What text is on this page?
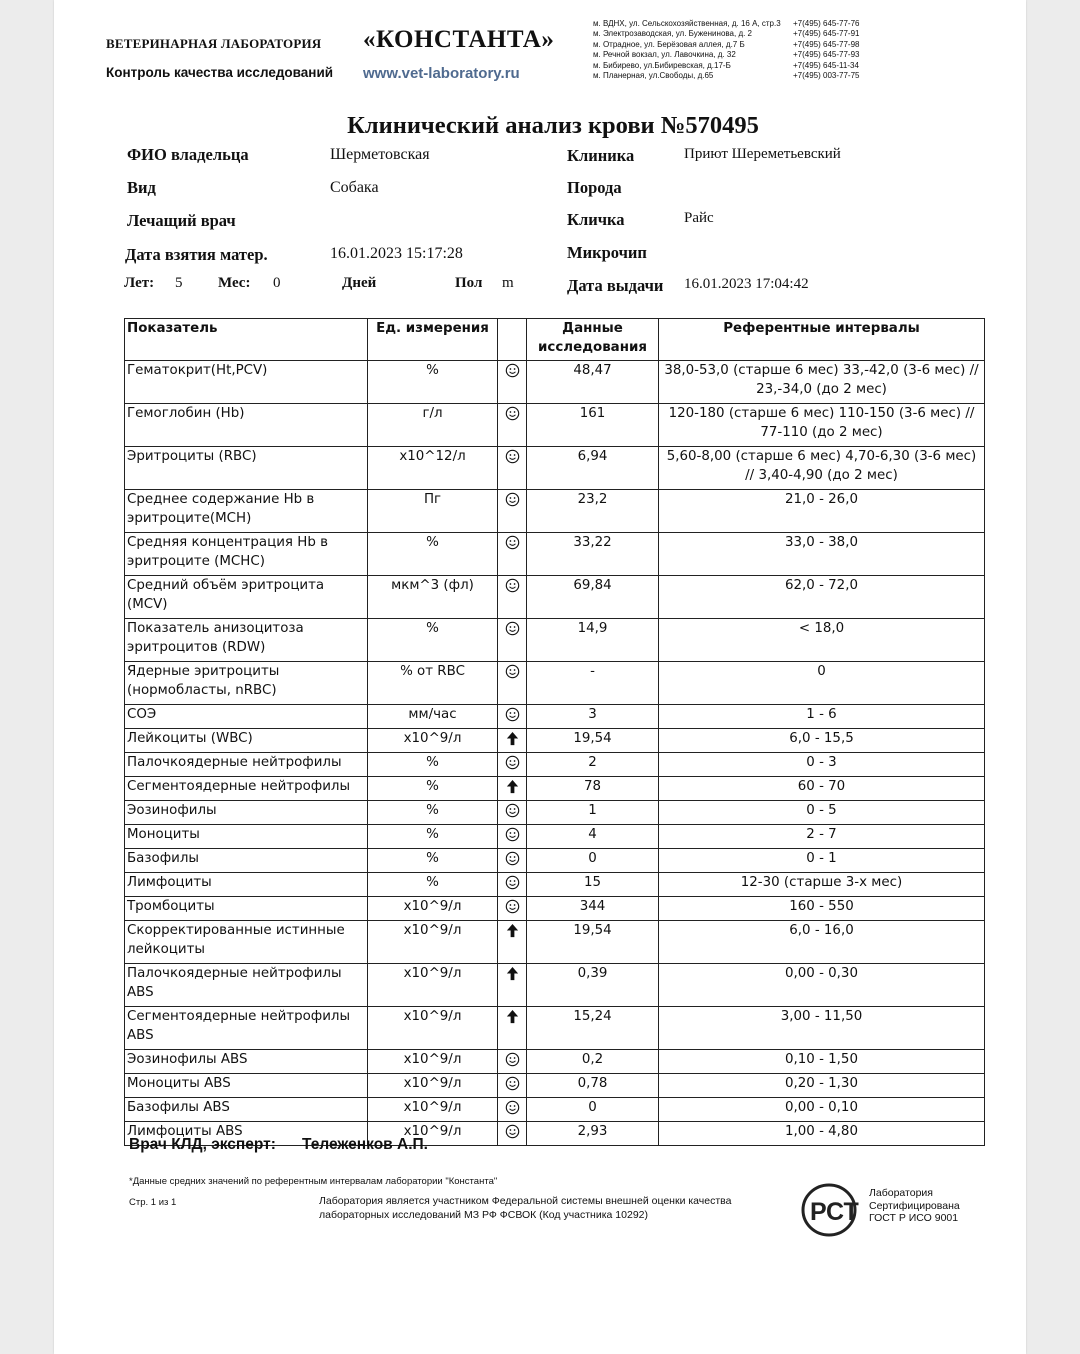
ВЕТЕРИНАРНАЯ ЛАБОРАТОРИЯ «КОНСТАНТА»
Контроль качества исследований www.vet-laboratory.ru
м. ВДНХ, ул. Сельскохозяйственная, д. 16 А, стр.3	+7(495) 645-77-76
м. Электрозаводская, ул. Буженинова, д. 2	+7(495) 645-77-91
м. Отрадное, ул. Берёзовая аллея, д.7 Б	+7(495) 645-77-98
м. Речной вокзал, ул. Лавочкина, д. 32	+7(495) 645-77-93
м. Бибирево, ул.Бибиревская, д.17-Б	+7(495) 645-11-34
м. Планерная, ул.Свободы, д.65	+7(495) 003-77-75
Клинический анализ крови №570495
ФИО владельца	Шерметовская
Вид	Собака
Лечащий врач
Дата взятия матер.	16.01.2023 15:17:28
Лет: 5 Мес: 0	Дней	Пол m
Клиника	Приют Шереметьевский
Порода
Кличка	Райс
Микрочип
Дата выдачи 16.01.2023 17:04:42
Показатель	Ед. измерения		Данные исследования	Референтные интервалы
Гематокрит(Ht,PCV)	%		48,47	38,0-53,0 (старше 6 мес) 33,-42,0 (3-6 мес) // 23,-34,0 (до 2 мес)
Гемоглобин (Hb)	г/л		161	120-180 (старше 6 мес) 110-150 (3-6 мес) // 77-110 (до 2 мес)
Эритроциты (RBC)	x10^12/л		6,94	5,60-8,00 (старше 6 мес) 4,70-6,30 (3-6 мес) // 3,40-4,90 (до 2 мес)
Среднее содержание Hb в эритроците(MCH)	Пг		23,2	21,0 - 26,0
Средняя концентрация Hb в эритроците (MCHC)	%		33,22	33,0 - 38,0
Средний объём эритроцита (MCV)	мкм^3 (фл)		69,84	62,0 - 72,0
Показатель анизоцитоза эритроцитов (RDW)	%		14,9	< 18,0
Ядерные эритроциты (нормобласты, nRBC)	% от RBC		-	0
СОЭ	мм/час		3	1 - 6
Лейкоциты (WBC)	x10^9/л		19,54	6,0 - 15,5
Палочкоядерные нейтрофилы	%		2	0 - 3
Сегментоядерные нейтрофилы	%		78	60 - 70
Эозинофилы	%		1	0 - 5
Моноциты	%		4	2 - 7
Базофилы	%		0	0 - 1
Лимфоциты	%		15	12-30 (старше 3-х мес)
Тромбоциты	x10^9/л		344	160 - 550
Скорректированные истинные лейкоциты	x10^9/л		19,54	6,0 - 16,0
Палочкоядерные нейтрофилы ABS	x10^9/л		0,39	0,00 - 0,30
Сегментоядерные нейтрофилы ABS	x10^9/л		15,24	3,00 - 11,50
Эозинофилы ABS	x10^9/л		0,2	0,10 - 1,50
Моноциты ABS	x10^9/л		0,78	0,20 - 1,30
Базофилы ABS	x10^9/л		0	0,00 - 0,10
Лимфоциты ABS	x10^9/л		2,93	1,00 - 4,80
Врач КЛД, эксперт: Тележенков А.П.
*Данные средних значений по референтным интервалам лаборатории "Константа"
Стр. 1 из 1	Лаборатория является участником Федеральной системы внешней оценки качества лабораторных исследований МЗ РФ ФСВОК (Код участника 10292)	РСТ
Лаборатория
Сертифицирована
ГОСТ Р ИСО 9001
